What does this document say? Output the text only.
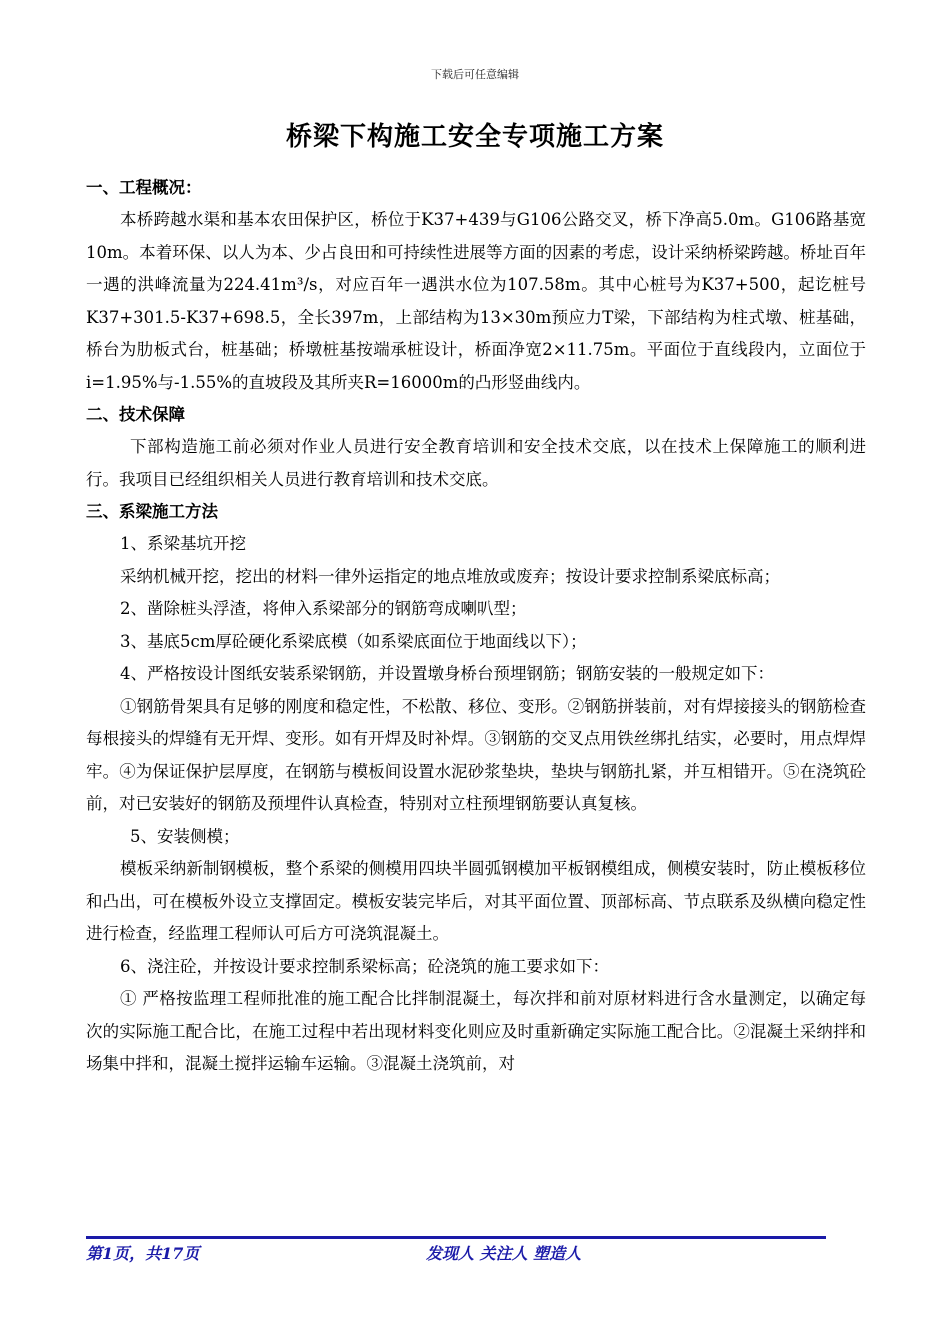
下载后可任意编辑
桥梁下构施工安全专项施工方案
一、工程概况：
本桥跨越水渠和基本农田保护区，桥位于K37+439与G106公路交叉，桥下净高5.0m。G106路基宽10m。本着环保、以人为本、少占良田和可持续性进展等方面的因素的考虑，设计采纳桥梁跨越。桥址百年一遇的洪峰流量为224.41m³/s，对应百年一遇洪水位为107.58m。其中心桩号为K37+500，起讫桩号K37+301.5-K37+698.5，全长397m，上部结构为13×30m预应力T梁，下部结构为柱式墩、桩基础，桥台为肋板式台，桩基础；桥墩桩基按端承桩设计，桥面净宽2×11.75m。平面位于直线段内，立面位于i=1.95%与-1.55%的直坡段及其所夹R=16000m的凸形竖曲线内。
二、技术保障
下部构造施工前必须对作业人员进行安全教育培训和安全技术交底，以在技术上保障施工的顺利进行。我项目已经组织相关人员进行教育培训和技术交底。
三、系梁施工方法
1、系梁基坑开挖
采纳机械开挖，挖出的材料一律外运指定的地点堆放或废弃；按设计要求控制系梁底标高；
2、凿除桩头浮渣，将伸入系梁部分的钢筋弯成喇叭型；
3、基底5cm厚砼硬化系梁底模（如系梁底面位于地面线以下）；
4、严格按设计图纸安装系梁钢筋，并设置墩身桥台预埋钢筋；钢筋安装的一般规定如下：
①钢筋骨架具有足够的刚度和稳定性，不松散、移位、变形。②钢筋拼装前，对有焊接接头的钢筋检查每根接头的焊缝有无开焊、变形。如有开焊及时补焊。③钢筋的交叉点用铁丝绑扎结实，必要时，用点焊焊牢。④为保证保护层厚度，在钢筋与模板间设置水泥砂浆垫块，垫块与钢筋扎紧，并互相错开。⑤在浇筑砼前，对已安装好的钢筋及预埋件认真检查，特别对立柱预埋钢筋要认真复核。
5、安装侧模；
模板采纳新制钢模板，整个系梁的侧模用四块半圆弧钢模加平板钢模组成，侧模安装时，防止模板移位和凸出，可在模板外设立支撑固定。模板安装完毕后，对其平面位置、顶部标高、节点联系及纵横向稳定性进行检查，经监理工程师认可后方可浇筑混凝土。
6、浇注砼，并按设计要求控制系梁标高；砼浇筑的施工要求如下：
① 严格按监理工程师批准的施工配合比拌制混凝土，每次拌和前对原材料进行含水量测定，以确定每次的实际施工配合比，在施工过程中若出现材料变化则应及时重新确定实际施工配合比。②混凝土采纳拌和场集中拌和，混凝土搅拌运输车运输。③混凝土浇筑前，对
第1页，共17页	发现人 关注人 塑造人
